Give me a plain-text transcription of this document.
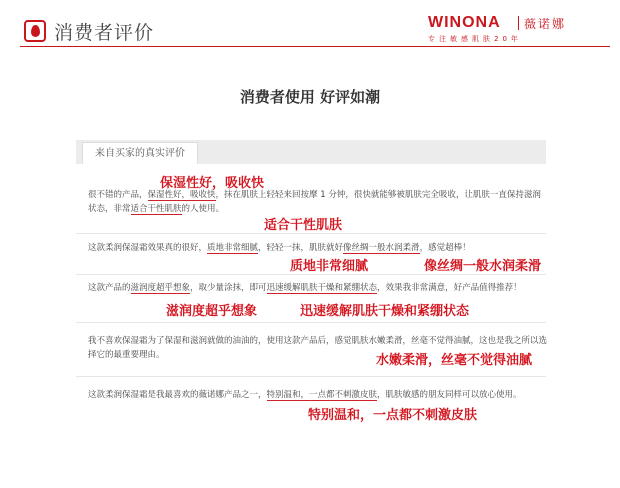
消费者评价	WINONA 薇诺娜
专注敏感肌肤20年
消费者使用 好评如潮
来自买家的真实评价
很不错的产品，保湿性好，吸收快，抹在肌肤上轻轻来回按摩 1 分钟，很快就能够被肌肤完全吸收，让肌肤一直保持滋润状态，非常适合干性肌肤的人使用。
保湿性好，吸收快
适合干性肌肤
这款柔润保湿霜效果真的很好，质地非常细腻，轻轻一抹，肌肤就好像丝绸一般水润柔滑，感觉超棒！
质地非常细腻	像丝绸一般水润柔滑
这款产品的滋润度超乎想象，取少量涂抹，即可迅速缓解肌肤干燥和紧绷状态，效果我非常满意，好产品值得推荐！
滋润度超乎想象	迅速缓解肌肤干燥和紧绷状态
我不喜欢保湿霜为了保湿和滋润就做的油油的，使用这款产品后，感觉肌肤水嫩柔滑，丝毫不觉得油腻，这也是我之所以选择它的最重要理由。	水嫩柔滑，丝毫不觉得油腻
这款柔润保湿霜是我最喜欢的薇诺娜产品之一，特别温和，一点都不刺激皮肤，肌肤敏感的朋友同样可以放心使用。
特别温和，一点都不刺激皮肤
